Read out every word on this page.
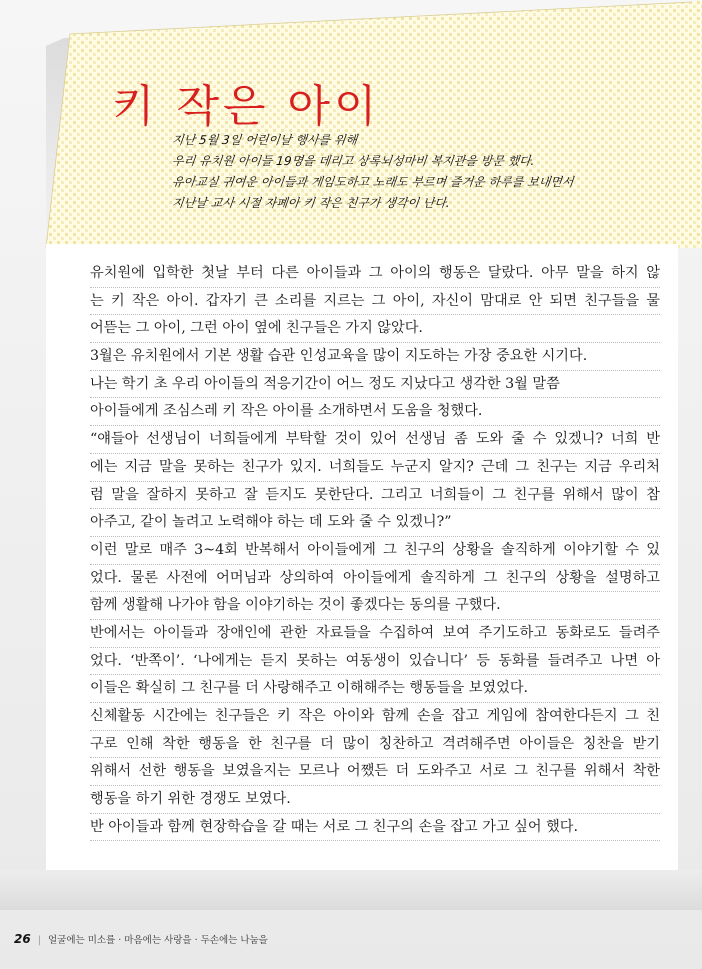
키 작은 아이
지난 5월 3일 어린이날 행사를 위해
우리 유치원 아이들 19명을 데리고 상록뇌성마비 복지관을 방문 했다.
유아교실 귀여운 아이들과 게임도하고 노래도 부르며 즐거운 하루를 보내면서
지난날 교사 시절 자폐아 키 작은 친구가 생각이 난다.
유치원에 입학한 첫날 부터 다른 아이들과 그 아이의 행동은 달랐다. 아무 말을 하지 않
는 키 작은 아이. 갑자기 큰 소리를 지르는 그 아이, 자신이 맘대로 안 되면 친구들을 물
어뜯는 그 아이, 그런 아이 옆에 친구들은 가지 않았다.
3월은 유치원에서 기본 생활 습관 인성교육을 많이 지도하는 가장 중요한 시기다.
나는 학기 초 우리 아이들의 적응기간이 어느 정도 지났다고 생각한 3월 말쯤
아이들에게 조심스레 키 작은 아이를 소개하면서 도움을 청했다.
“얘들아 선생님이 너희들에게 부탁할 것이 있어 선생님 좀 도와 줄 수 있겠니? 너희 반
에는 지금 말을 못하는 친구가 있지. 너희들도 누군지 알지? 근데 그 친구는 지금 우리처
럼 말을 잘하지 못하고 잘 듣지도 못한단다. 그리고 너희들이 그 친구를 위해서 많이 참
아주고, 같이 놀려고 노력해야 하는 데 도와 줄 수 있겠니?”
이런 말로 매주 3~4회 반복해서 아이들에게 그 친구의 상황을 솔직하게 이야기할 수 있
었다. 물론 사전에 어머님과 상의하여 아이들에게 솔직하게 그 친구의 상황을 설명하고
함께 생활해 나가야 함을 이야기하는 것이 좋겠다는 동의를 구했다.
반에서는 아이들과 장애인에 관한 자료들을 수집하여 보여 주기도하고 동화로도 들려주
었다. ‘반쪽이’. ‘나에게는 듣지 못하는 여동생이 있습니다’ 등 동화를 들려주고 나면 아
이들은 확실히 그 친구를 더 사랑해주고 이해해주는 행동들을 보였었다.
신체활동 시간에는 친구들은 키 작은 아이와 함께 손을 잡고 게임에 참여한다든지 그 친
구로 인해 착한 행동을 한 친구를 더 많이 칭찬하고 격려해주면 아이들은 칭찬을 받기
위해서 선한 행동을 보였을지는 모르나 어쨌든 더 도와주고 서로 그 친구를 위해서 착한
행동을 하기 위한 경쟁도 보였다.
반 아이들과 함께 현장학습을 갈 때는 서로 그 친구의 손을 잡고 가고 싶어 했다.
26 | 얼굴에는 미소를 · 마음에는 사랑을 · 두손에는 나눔을
